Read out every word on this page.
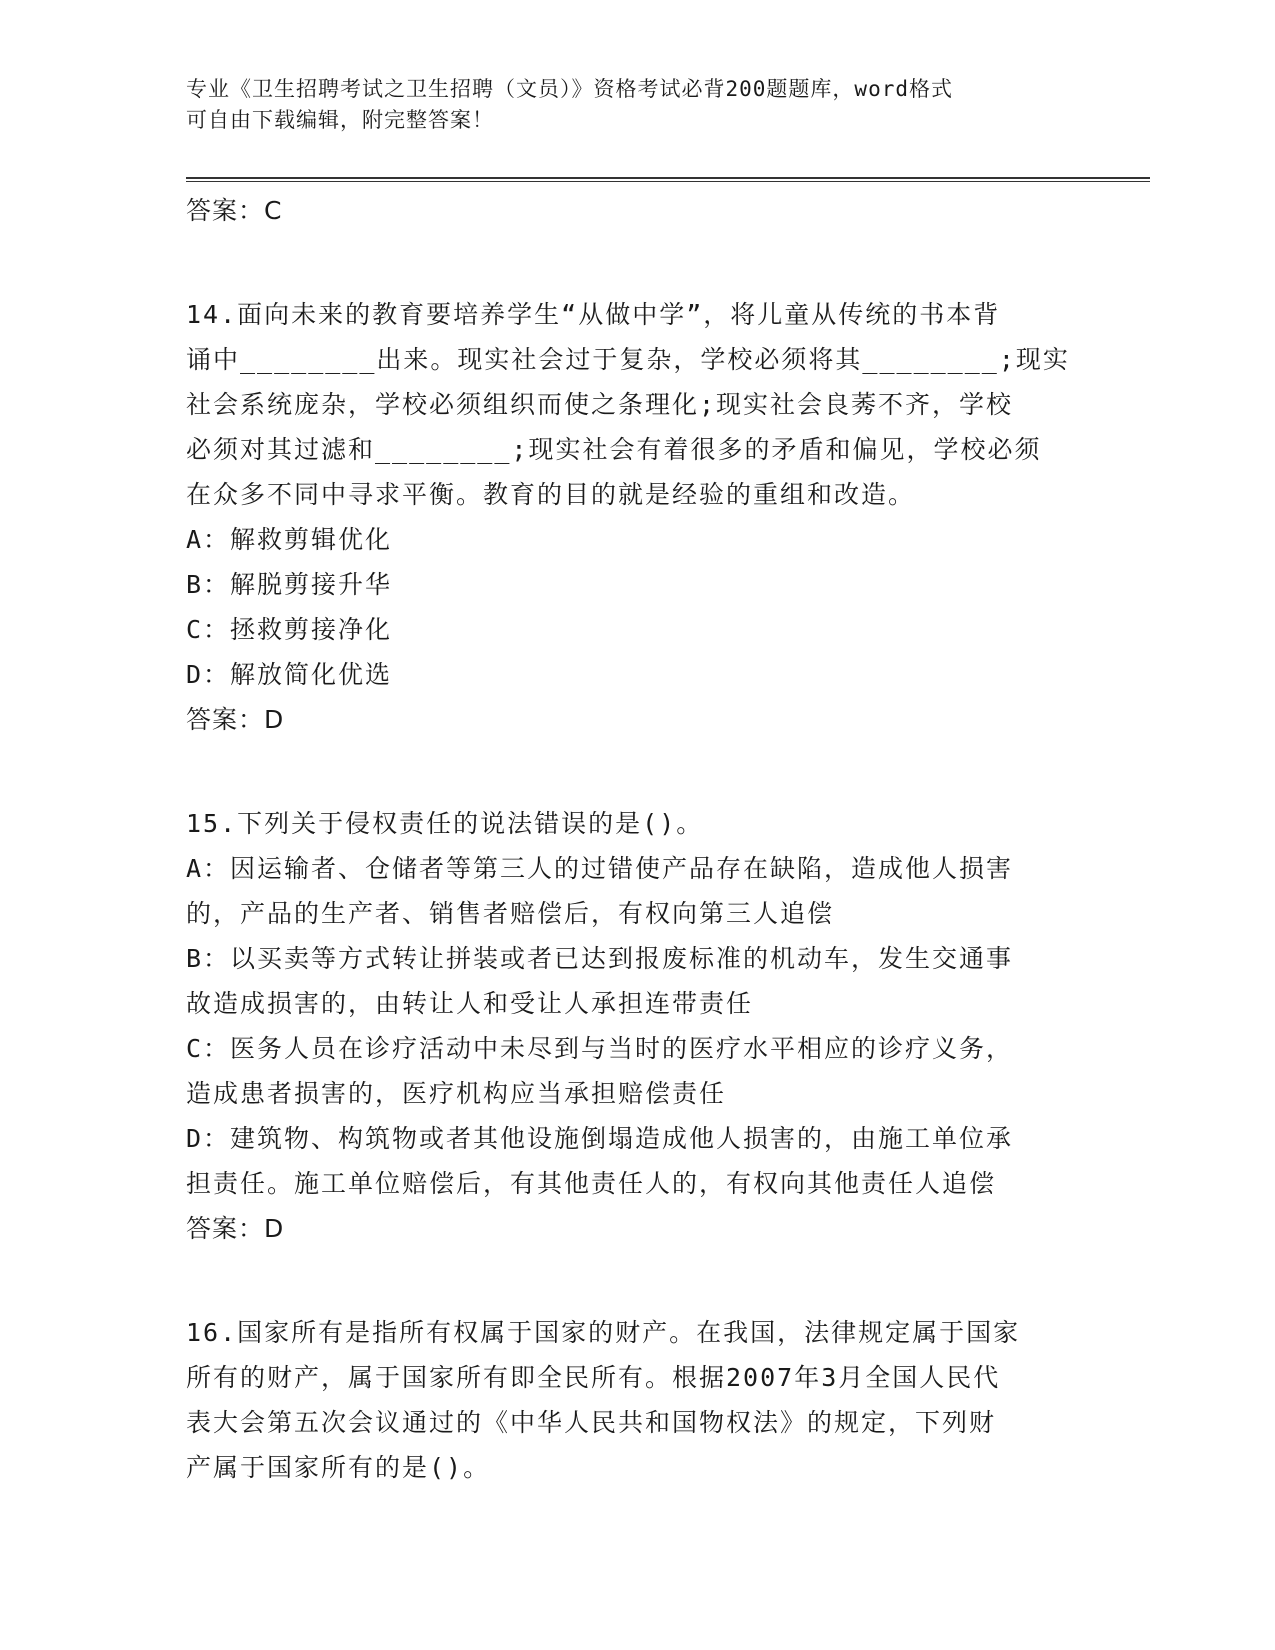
专业《卫生招聘考试之卫生招聘（文员）》资格考试必背200题题库，word格式
可自由下载编辑，附完整答案！
答案：C
14.面向未来的教育要培养学生“从做中学”，将儿童从传统的书本背
诵中________出来。现实社会过于复杂，学校必须将其________;现实
社会系统庞杂，学校必须组织而使之条理化;现实社会良莠不齐，学校
必须对其过滤和________;现实社会有着很多的矛盾和偏见，学校必须
在众多不同中寻求平衡。教育的目的就是经验的重组和改造。
A：解救剪辑优化
B：解脱剪接升华
C：拯救剪接净化
D：解放简化优选
答案：D
15.下列关于侵权责任的说法错误的是()。
A：因运输者、仓储者等第三人的过错使产品存在缺陷，造成他人损害
的，产品的生产者、销售者赔偿后，有权向第三人追偿
B：以买卖等方式转让拼装或者已达到报废标准的机动车，发生交通事
故造成损害的，由转让人和受让人承担连带责任
C：医务人员在诊疗活动中未尽到与当时的医疗水平相应的诊疗义务，
造成患者损害的，医疗机构应当承担赔偿责任
D：建筑物、构筑物或者其他设施倒塌造成他人损害的，由施工单位承
担责任。施工单位赔偿后，有其他责任人的，有权向其他责任人追偿
答案：D
16.国家所有是指所有权属于国家的财产。在我国，法律规定属于国家
所有的财产，属于国家所有即全民所有。根据2007年3月全国人民代
表大会第五次会议通过的《中华人民共和国物权法》的规定，下列财
产属于国家所有的是()。
